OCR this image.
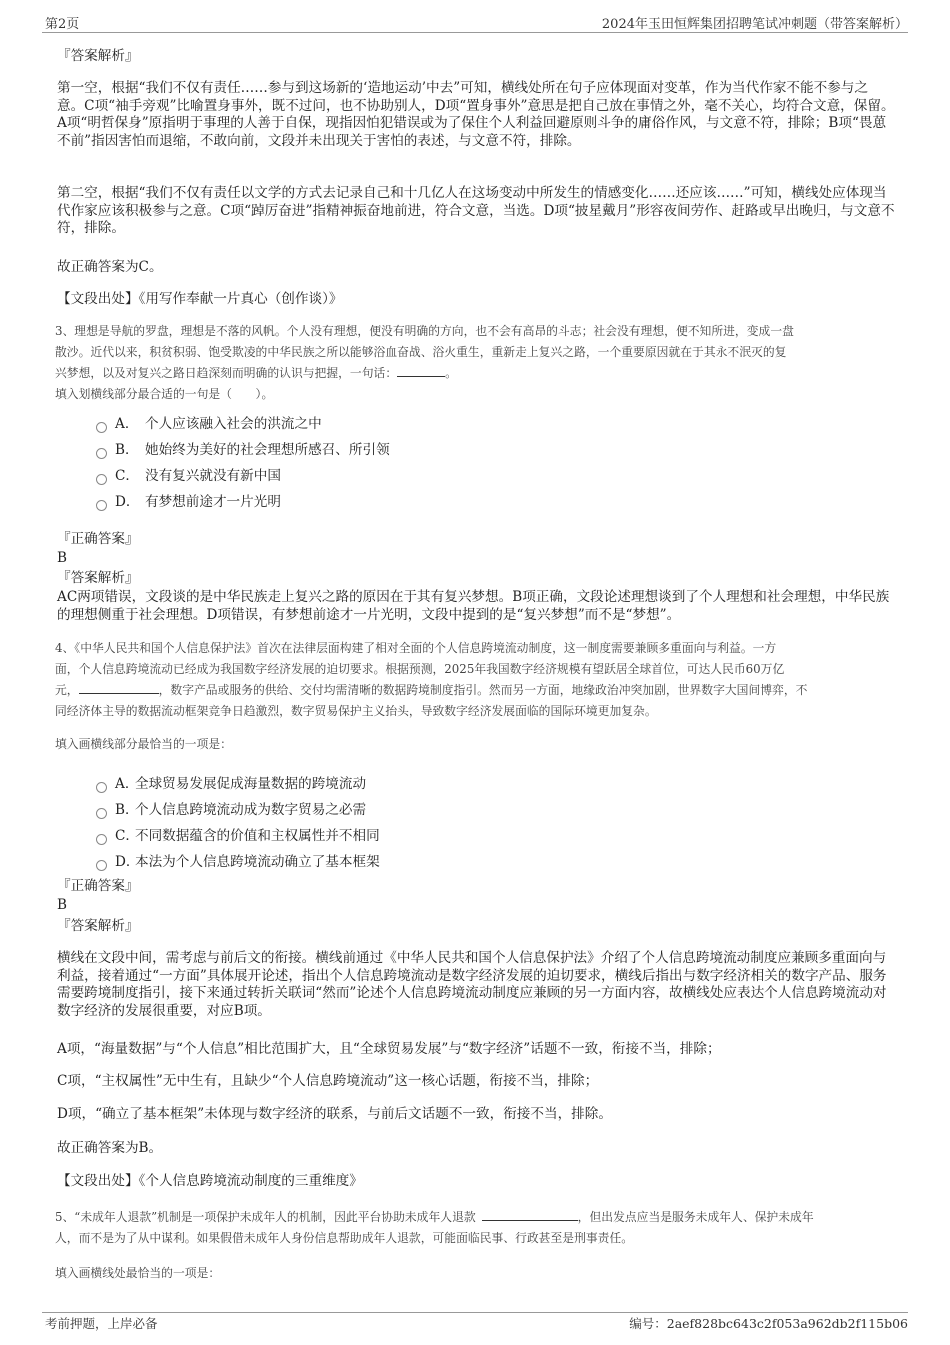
第2页	2024年玉田恒辉集团招聘笔试冲刺题（带答案解析）
『答案解析』
第一空，根据“我们不仅有责任……参与到这场新的‘造地运动’中去”可知，横线处所在句子应体现面对变革，作为当代作家不能不参与之意。C项“袖手旁观”比喻置身事外，既不过问，也不协助别人，D项“置身事外”意思是把自己放在事情之外，毫不关心，均符合文意，保留。A项“明哲保身”原指明于事理的人善于自保，现指因怕犯错误或为了保住个人利益回避原则斗争的庸俗作风，与文意不符，排除；B项“畏葸不前”指因害怕而退缩，不敢向前，文段并未出现关于害怕的表述，与文意不符，排除。
第二空，根据“我们不仅有责任以文学的方式去记录自己和十几亿人在这场变动中所发生的情感变化……还应该……”可知，横线处应体现当代作家应该积极参与之意。C项“踔厉奋进”指精神振奋地前进，符合文意，当选。D项“披星戴月”形容夜间劳作、赶路或早出晚归，与文意不符，排除。
故正确答案为C。
【文段出处】《用写作奉献一片真心（创作谈）》
3、理想是导航的罗盘，理想是不落的风帆。个人没有理想，便没有明确的方向，也不会有高昂的斗志；社会没有理想，便不知所进，变成一盘
散沙。近代以来，积贫积弱、饱受欺凌的中华民族之所以能够浴血奋战、浴火重生，重新走上复兴之路，一个重要原因就在于其永不泯灭的复
兴梦想，以及对复兴之路日趋深刻而明确的认识与把握，一句话：	。
填入划横线部分最合适的一句是（　　）。
A． 个人应该融入社会的洪流之中
B． 她始终为美好的社会理想所感召、所引领
C． 没有复兴就没有新中国
D． 有梦想前途才一片光明
『正确答案』
B
『答案解析』
AC两项错误，文段谈的是中华民族走上复兴之路的原因在于其有复兴梦想。B项正确，文段论述理想谈到了个人理想和社会理想，中华民族的理想侧重于社会理想。D项错误，有梦想前途才一片光明，文段中提到的是“复兴梦想”而不是“梦想”。
4、《中华人民共和国个人信息保护法》首次在法律层面构建了相对全面的个人信息跨境流动制度，这一制度需要兼顾多重面向与利益。一方
面，个人信息跨境流动已经成为我国数字经济发展的迫切要求。根据预测，2025年我国数字经济规模有望跃居全球首位，可达人民币60万亿
元，	，数字产品或服务的供给、交付均需清晰的数据跨境制度指引。然而另一方面，地缘政治冲突加剧，世界数字大国间博弈，不
同经济体主导的数据流动框架竞争日趋激烈，数字贸易保护主义抬头，导致数字经济发展面临的国际环境更加复杂。
填入画横线部分最恰当的一项是：
A．全球贸易发展促成海量数据的跨境流动
B．个人信息跨境流动成为数字贸易之必需
C．不同数据蕴含的价值和主权属性并不相同
D．本法为个人信息跨境流动确立了基本框架
『正确答案』
B
『答案解析』
横线在文段中间，需考虑与前后文的衔接。横线前通过《中华人民共和国个人信息保护法》介绍了个人信息跨境流动制度应兼顾多重面向与利益，接着通过“一方面”具体展开论述，指出个人信息跨境流动是数字经济发展的迫切要求，横线后指出与数字经济相关的数字产品、服务需要跨境制度指引，接下来通过转折关联词“然而”论述个人信息跨境流动制度应兼顾的另一方面内容，故横线处应表达个人信息跨境流动对数字经济的发展很重要，对应B项。
A项，“海量数据”与“个人信息”相比范围扩大，且“全球贸易发展”与“数字经济”话题不一致，衔接不当，排除；
C项，“主权属性”无中生有，且缺少“个人信息跨境流动”这一核心话题，衔接不当，排除；
D项，“确立了基本框架”未体现与数字经济的联系，与前后文话题不一致，衔接不当，排除。
故正确答案为B。
【文段出处】《个人信息跨境流动制度的三重维度》
5、“未成年人退款”机制是一项保护未成年人的机制，因此平台协助未成年人退款	，但出发点应当是服务未成年人、保护未成年
人，而不是为了从中谋利。如果假借未成年人身份信息帮助成年人退款，可能面临民事、行政甚至是刑事责任。
填入画横线处最恰当的一项是：
考前押题，上岸必备	编号：2aef828bc643c2f053a962db2f115b06
